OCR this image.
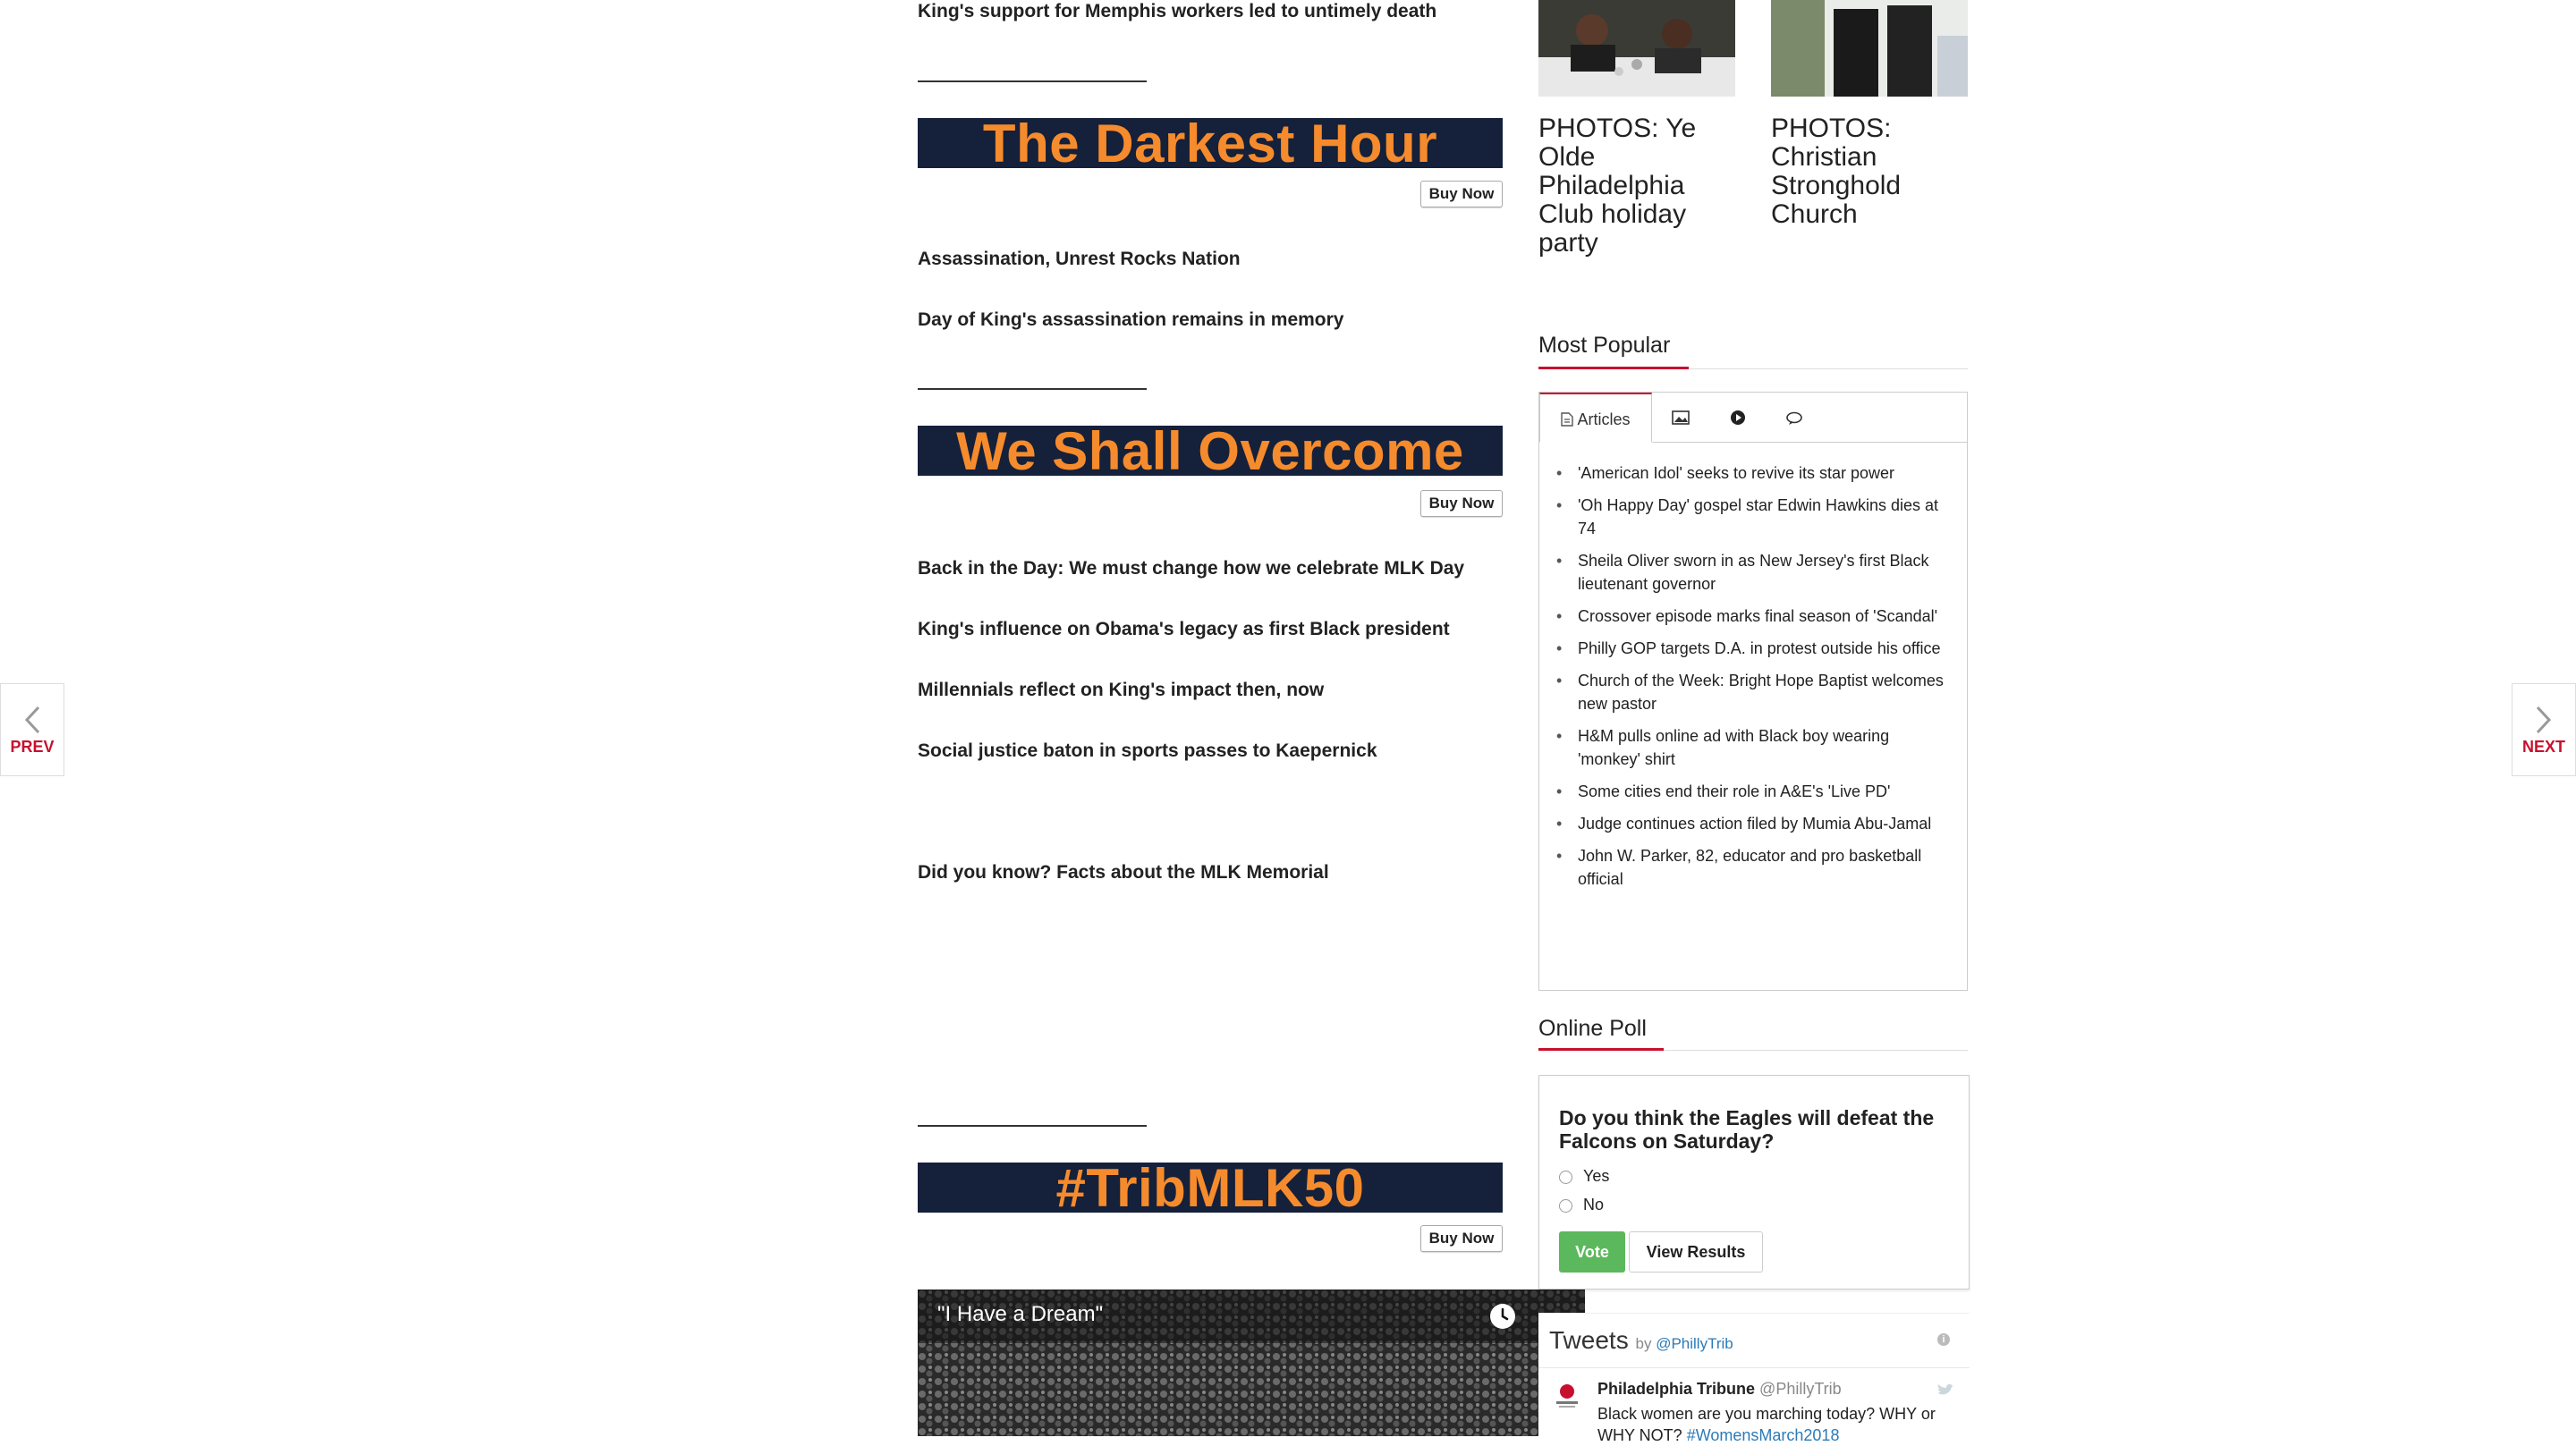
King's support for Memphis workers led to untimely death
The Darkest Hour
Buy Now
Assassination, Unrest Rocks Nation
Day of King's assassination remains in memory
We Shall Overcome
Buy Now
Back in the Day: We must change how we celebrate MLK Day
King's influence on Obama's legacy as first Black president
Millennials reflect on King's impact then, now
Social justice baton in sports passes to Kaepernick
Did you know? Facts about the MLK Memorial
#TribMLK50
Buy Now
"I Have a Dream"
PREV	NEXT
PHOTOS: Ye Olde Philadelphia Club holiday party
PHOTOS: Christian Stronghold Church
Most Popular
Articles
• 'American Idol' seeks to revive its star power
• 'Oh Happy Day' gospel star Edwin Hawkins dies at 74
• Sheila Oliver sworn in as New Jersey's first Black lieutenant governor
• Crossover episode marks final season of 'Scandal'
• Philly GOP targets D.A. in protest outside his office
• Church of the Week: Bright Hope Baptist welcomes new pastor
• H&M pulls online ad with Black boy wearing 'monkey' shirt
• Some cities end their role in A&E's 'Live PD'
• Judge continues action filed by Mumia Abu-Jamal
• John W. Parker, 82, educator and pro basketball official
Online Poll
Do you think the Eagles will defeat the Falcons on Saturday?
Yes
No
Vote	View Results
Tweets by @PhillyTrib	i
Philadelphia Tribune @PhillyTrib
Black women are you marching today? WHY or WHY NOT? #WomensMarch2018
